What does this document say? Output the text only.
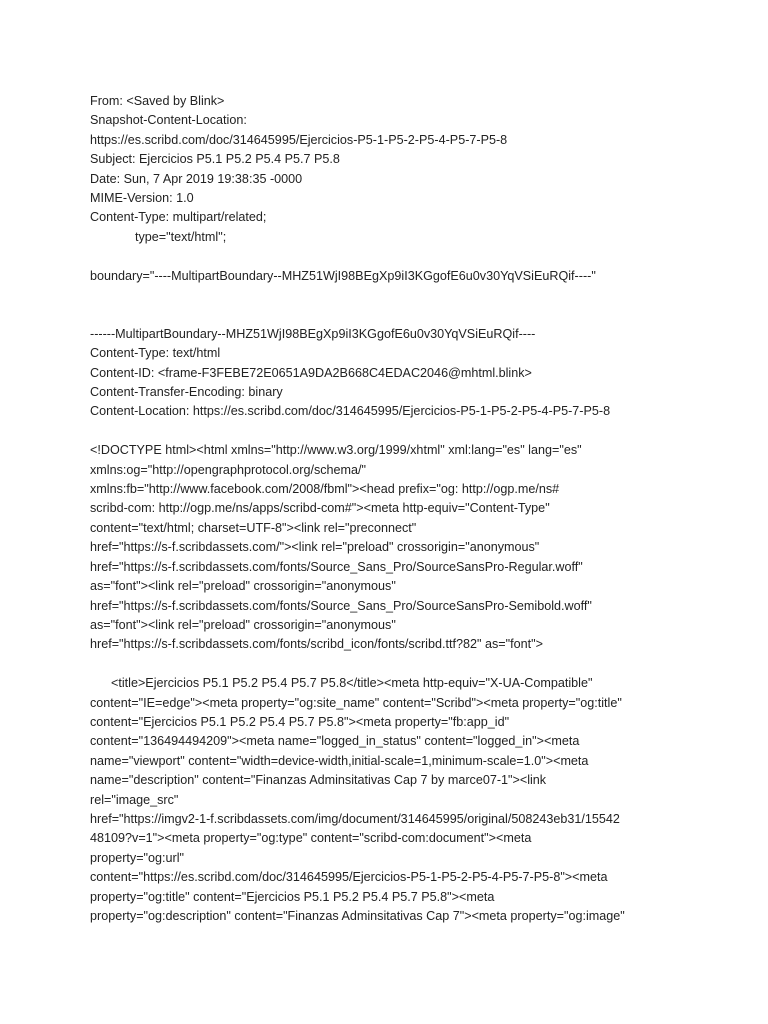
From: <Saved by Blink>
Snapshot-Content-Location:
https://es.scribd.com/doc/314645995/Ejercicios-P5-1-P5-2-P5-4-P5-7-P5-8
Subject: Ejercicios P5.1 P5.2 P5.4 P5.7 P5.8
Date: Sun, 7 Apr 2019 19:38:35 -0000
MIME-Version: 1.0
Content-Type: multipart/related;
type="text/html";
boundary="----MultipartBoundary--MHZ51WjI98BEgXp9iI3KGgofE6u0v30YqVSiEuRQif----"
------MultipartBoundary--MHZ51WjI98BEgXp9iI3KGgofE6u0v30YqVSiEuRQif----
Content-Type: text/html
Content-ID: <frame-F3FEBE72E0651A9DA2B668C4EDAC2046@mhtml.blink>
Content-Transfer-Encoding: binary
Content-Location: https://es.scribd.com/doc/314645995/Ejercicios-P5-1-P5-2-P5-4-P5-7-P5-8
<!DOCTYPE html><html xmlns="http://www.w3.org/1999/xhtml" xml:lang="es" lang="es"
xmlns:og="http://opengraphprotocol.org/schema/"
xmlns:fb="http://www.facebook.com/2008/fbml"><head prefix="og: http://ogp.me/ns#
scribd-com: http://ogp.me/ns/apps/scribd-com#"><meta http-equiv="Content-Type"
content="text/html; charset=UTF-8"><link rel="preconnect"
href="https://s-f.scribdassets.com/"><link rel="preload" crossorigin="anonymous"
href="https://s-f.scribdassets.com/fonts/Source_Sans_Pro/SourceSansPro-Regular.woff"
as="font"><link rel="preload" crossorigin="anonymous"
href="https://s-f.scribdassets.com/fonts/Source_Sans_Pro/SourceSansPro-Semibold.woff"
as="font"><link rel="preload" crossorigin="anonymous"
href="https://s-f.scribdassets.com/fonts/scribd_icon/fonts/scribd.ttf?82" as="font">
<title>Ejercicios P5.1 P5.2 P5.4 P5.7 P5.8</title><meta http-equiv="X-UA-Compatible"
content="IE=edge"><meta property="og:site_name" content="Scribd"><meta property="og:title"
content="Ejercicios P5.1 P5.2 P5.4 P5.7 P5.8"><meta property="fb:app_id"
content="136494494209"><meta name="logged_in_status" content="logged_in"><meta
name="viewport" content="width=device-width,initial-scale=1,minimum-scale=1.0"><meta
name="description" content="Finanzas Adminsitativas Cap 7 by marce07-1"><link
rel="image_src"
href="https://imgv2-1-f.scribdassets.com/img/document/314645995/original/508243eb31/15542
48109?v=1"><meta property="og:type" content="scribd-com:document"><meta
property="og:url"
content="https://es.scribd.com/doc/314645995/Ejercicios-P5-1-P5-2-P5-4-P5-7-P5-8"><meta
property="og:title" content="Ejercicios P5.1 P5.2 P5.4 P5.7 P5.8"><meta
property="og:description" content="Finanzas Adminsitativas Cap 7"><meta property="og:image"
